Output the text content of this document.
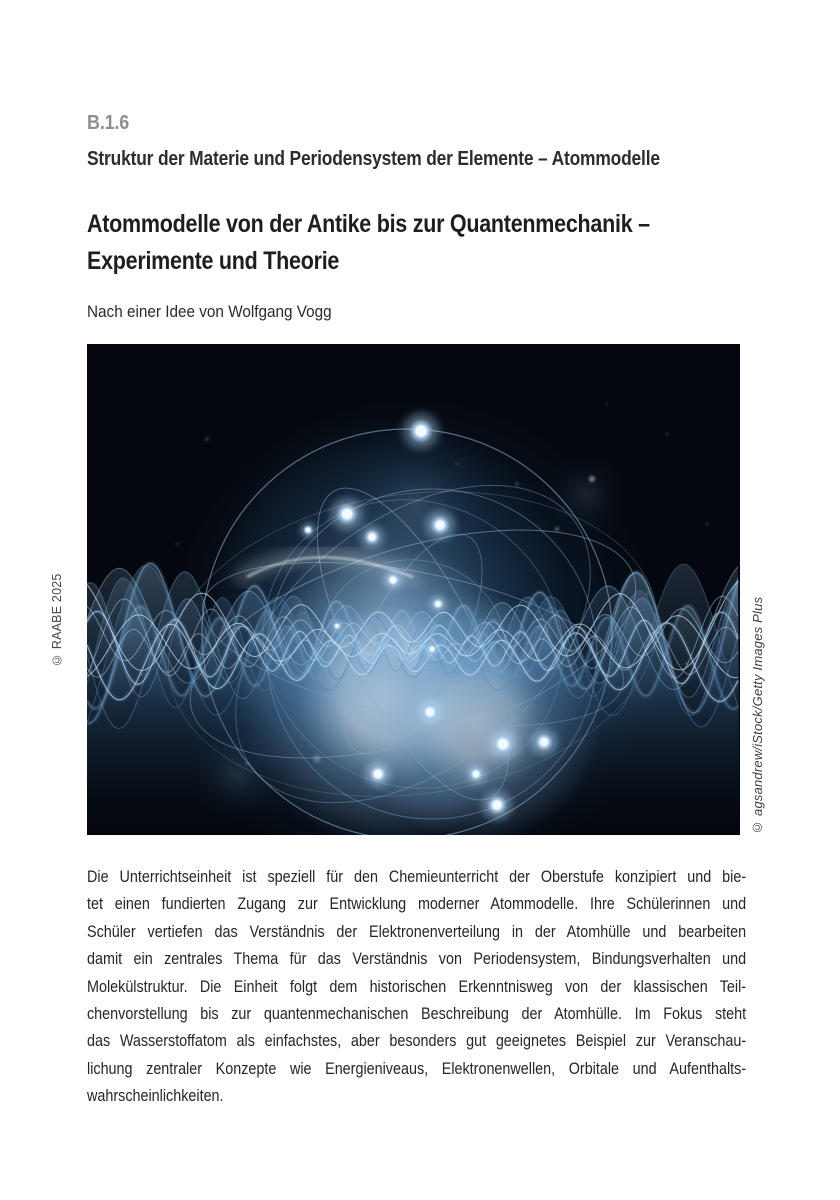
B.1.6
Struktur der Materie und Periodensystem der Elemente – Atommodelle
Atommodelle von der Antike bis zur Quantenmechanik –
Experimente und Theorie
Nach einer Idee von Wolfgang Vogg
© RAABE 2025	© agsandrew/iStock/Getty Images Plus
Die Unterrichtseinheit ist speziell für den Chemieunterricht der Oberstufe konzipiert und bie-
tet einen fundierten Zugang zur Entwicklung moderner Atommodelle. Ihre Schülerinnen und
Schüler vertiefen das Verständnis der Elektronenverteilung in der Atomhülle und bearbeiten
damit ein zentrales Thema für das Verständnis von Periodensystem, Bindungsverhalten und
Molekülstruktur. Die Einheit folgt dem historischen Erkenntnisweg von der klassischen Teil-
chenvorstellung bis zur quantenmechanischen Beschreibung der Atomhülle. Im Fokus steht
das Wasserstoffatom als einfachstes, aber besonders gut geeignetes Beispiel zur Veranschau-
lichung zentraler Konzepte wie Energieniveaus, Elektronenwellen, Orbitale und Aufenthalts-
wahrscheinlichkeiten.
